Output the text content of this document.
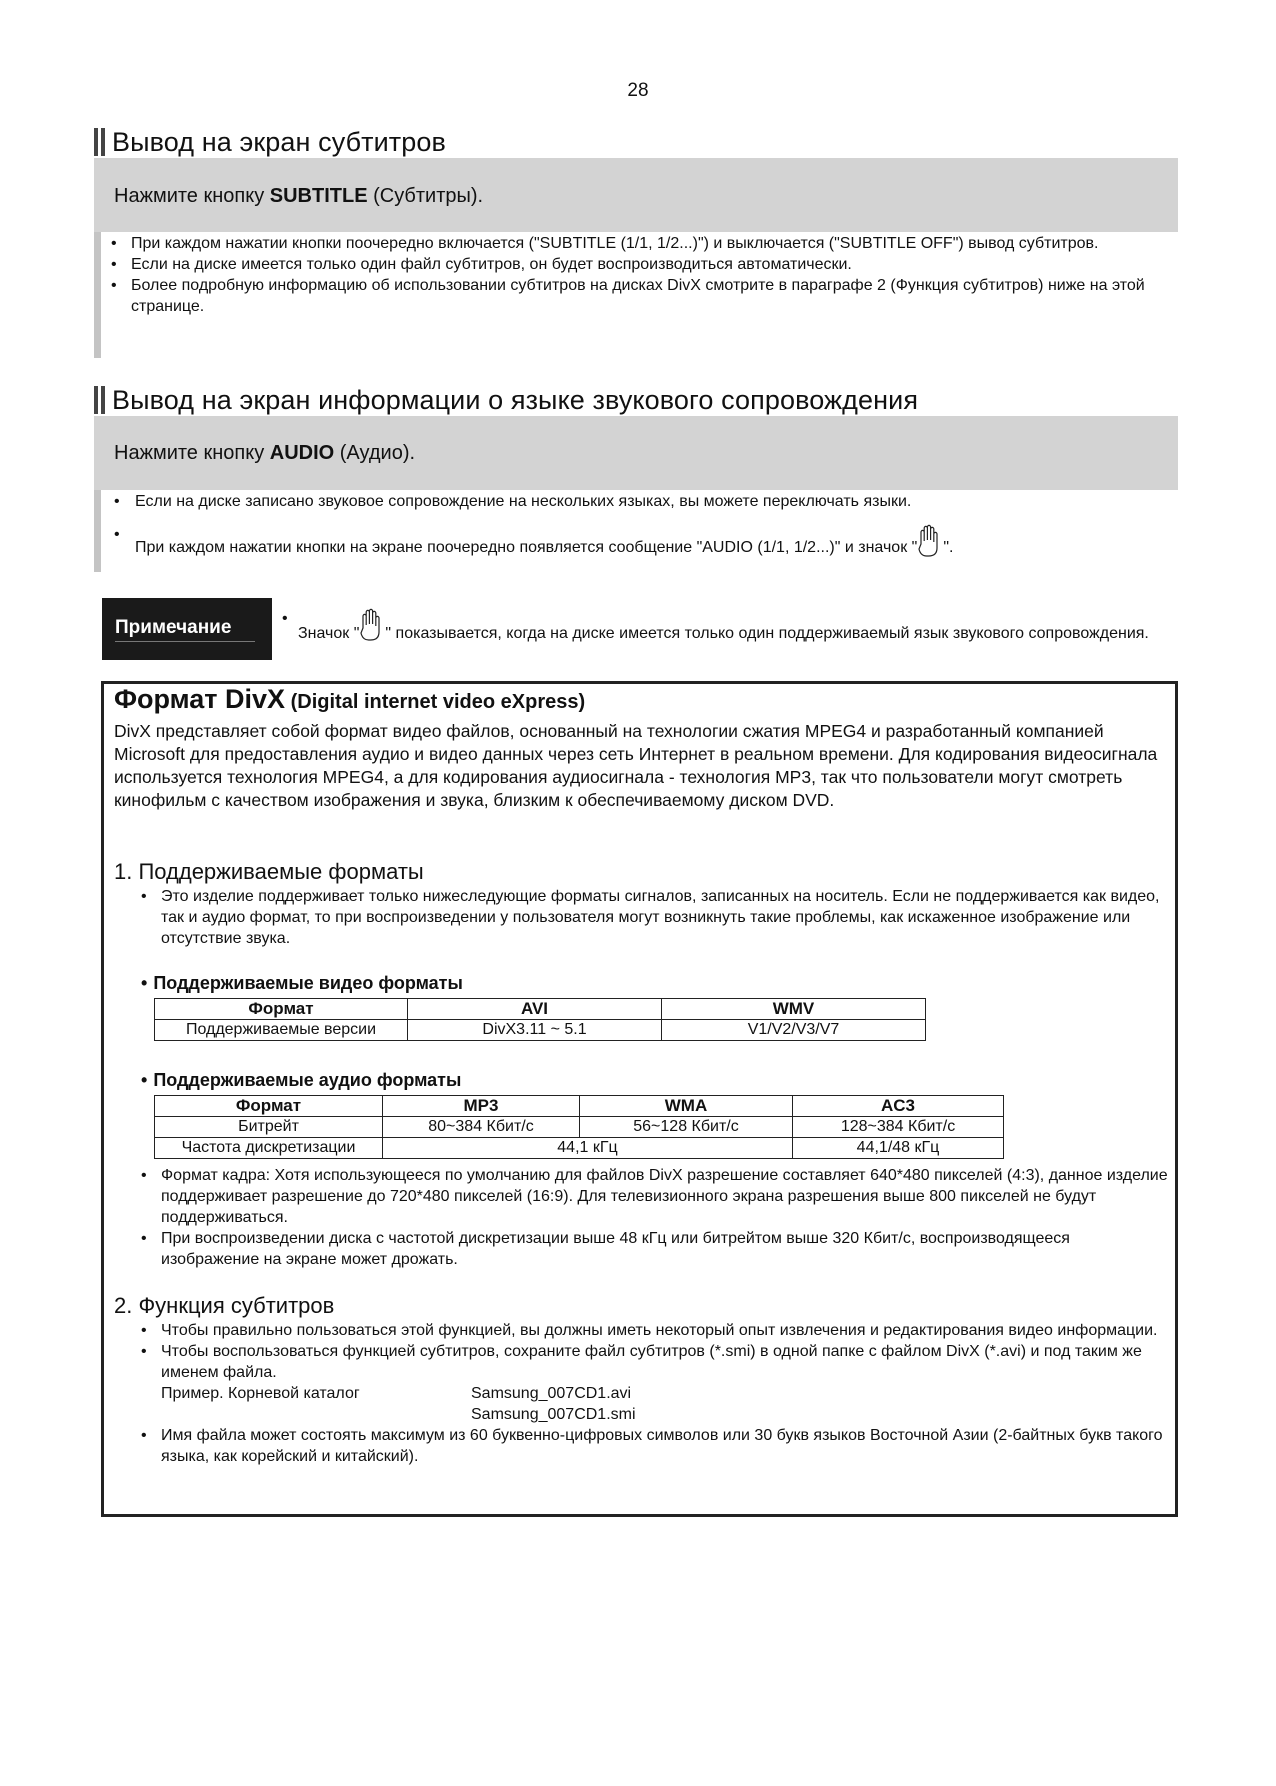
28
Вывод на экран субтитров
Нажмите кнопку SUBTITLE (Субтитры).
• При каждом нажатии кнопки поочередно включается ("SUBTITLE (1/1, 1/2...)") и выключается ("SUBTITLE OFF") вывод субтитров.
• Если на диске имеется только один файл субтитров, он будет воспроизводиться автоматически.
• Более подробную информацию об использовании субтитров на дисках DivX смотрите в параграфе 2 (Функция субтитров) ниже на этой странице.
Вывод на экран информации о языке звукового сопровождения
Нажмите кнопку AUDIO (Аудио).
• Если на диске записано звуковое сопровождение на нескольких языках, вы можете переключать языки.
• При каждом нажатии кнопки на экране поочередно появляется сообщение "AUDIO (1/1, 1/2...)" и значок " ".
Примечание	• Значок " " показывается, когда на диске имеется только один поддерживаемый язык звукового сопровождения.
Формат DivX (Digital internet video eXpress)
DivX представляет собой формат видео файлов, основанный на технологии сжатия MPEG4 и разработанный компанией Microsoft для предоставления аудио и видео данных через сеть Интернет в реальном времени. Для кодирования видеосигнала используется технология MPEG4, а для кодирования аудиосигнала - технология MP3, так что пользователи могут смотреть кинофильм с качеством изображения и звука, близким к обеспечиваемому диском DVD.
1. Поддерживаемые форматы
• Это изделие поддерживает только нижеследующие форматы сигналов, записанных на носитель. Если не поддерживается как видео, так и аудио формат, то при воспроизведении у пользователя могут возникнуть такие проблемы, как искаженное изображение или отсутствие звука.
• Поддерживаемые видео форматы
Формат	AVI	WMV
Поддерживаемые версии	DivX3.11 ~ 5.1	V1/V2/V3/V7
• Поддерживаемые аудио форматы
Формат	MP3	WMA	AC3
Битрейт	80~384 Кбит/с	56~128 Кбит/с	128~384 Кбит/с
Частота дискретизации	44,1 кГц		44,1/48 кГц
• Формат кадра: Хотя использующееся по умолчанию для файлов DivX разрешение составляет 640*480 пикселей (4:3), данное изделие поддерживает разрешение до 720*480 пикселей (16:9). Для телевизионного экрана разрешения выше 800 пикселей не будут поддерживаться.
• При воспроизведении диска с частотой дискретизации выше 48 кГц или битрейтом выше 320 Кбит/с, воспроизводящееся изображение на экране может дрожать.
2. Функция субтитров
• Чтобы правильно пользоваться этой функцией, вы должны иметь некоторый опыт извлечения и редактирования видео информации.
• Чтобы воспользоваться функцией субтитров, сохраните файл субтитров (*.smi) в одной папке с файлом DivX (*.avi) и под таким же именем файла.
Пример. Корневой каталог	Samsung_007CD1.avi
Samsung_007CD1.smi
• Имя файла может состоять максимум из 60 буквенно-цифровых символов или 30 букв языков Восточной Азии (2-байтных букв такого языка, как корейский и китайский).
